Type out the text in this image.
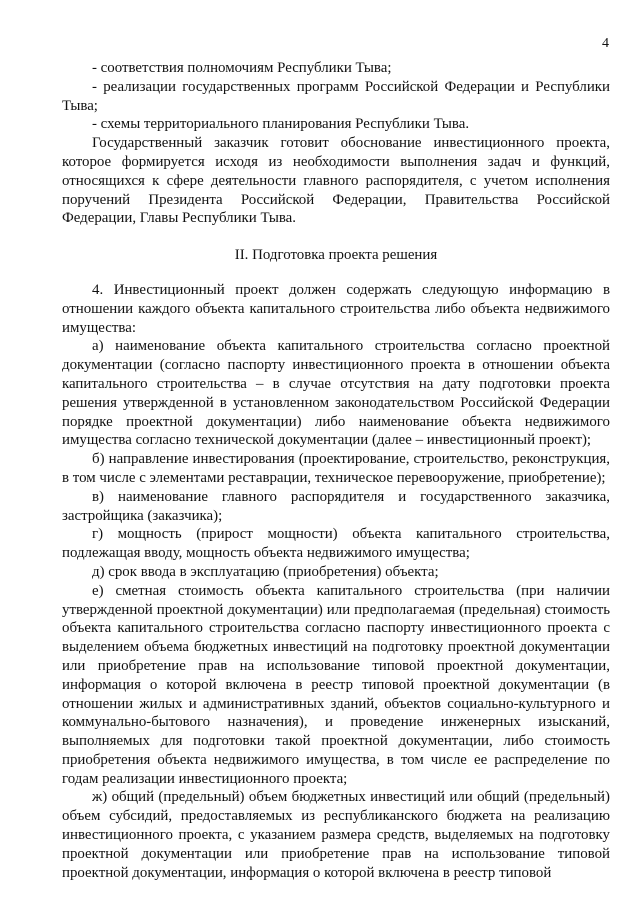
4

- соответствия полномочиям Республики Тыва;

- реализации государственных программ Российской Федерации и Республики Тыва;

- схемы территориального планирования Республики Тыва.

Государственный заказчик готовит обоснование инвестиционного проекта, которое формируется исходя из необходимости выполнения задач и функций, относящихся к сфере деятельности главного распорядителя, с учетом исполнения поручений Президента Российской Федерации, Правительства Российской Федерации, Главы Республики Тыва.

II. Подготовка проекта решения

4. Инвестиционный проект должен содержать следующую информацию в отношении каждого объекта капитального строительства либо объекта недвижимого имущества:

а) наименование объекта капитального строительства согласно проектной документации (согласно паспорту инвестиционного проекта в отношении объекта капитального строительства – в случае отсутствия на дату подготовки проекта решения утвержденной в установленном законодательством Российской Федерации порядке проектной документации) либо наименование объекта недвижимого имущества согласно технической документации (далее – инвестиционный проект);

б) направление инвестирования (проектирование, строительство, реконструкция, в том числе с элементами реставрации, техническое перевооружение, приобретение);

в) наименование главного распорядителя и государственного заказчика, застройщика (заказчика);

г) мощность (прирост мощности) объекта капитального строительства, подлежащая вводу, мощность объекта недвижимого имущества;

д) срок ввода в эксплуатацию (приобретения) объекта;

е) сметная стоимость объекта капитального строительства (при наличии утвержденной проектной документации) или предполагаемая (предельная) стоимость объекта капитального строительства согласно паспорту инвестиционного проекта с выделением объема бюджетных инвестиций на подготовку проектной документации или приобретение прав на использование типовой проектной документации, информация о которой включена в реестр типовой проектной документации (в отношении жилых и административных зданий, объектов социально-культурного и коммунально-бытового назначения), и проведение инженерных изысканий, выполняемых для подготовки такой проектной документации, либо стоимость приобретения объекта недвижимого имущества, в том числе ее распределение по годам реализации инвестиционного проекта;

ж) общий (предельный) объем бюджетных инвестиций или общий (предельный) объем субсидий, предоставляемых из республиканского бюджета на реализацию инвестиционного проекта, с указанием размера средств, выделяемых на подготовку проектной документации или приобретение прав на использование типовой проектной документации, информация о которой включена в реестр типовой
